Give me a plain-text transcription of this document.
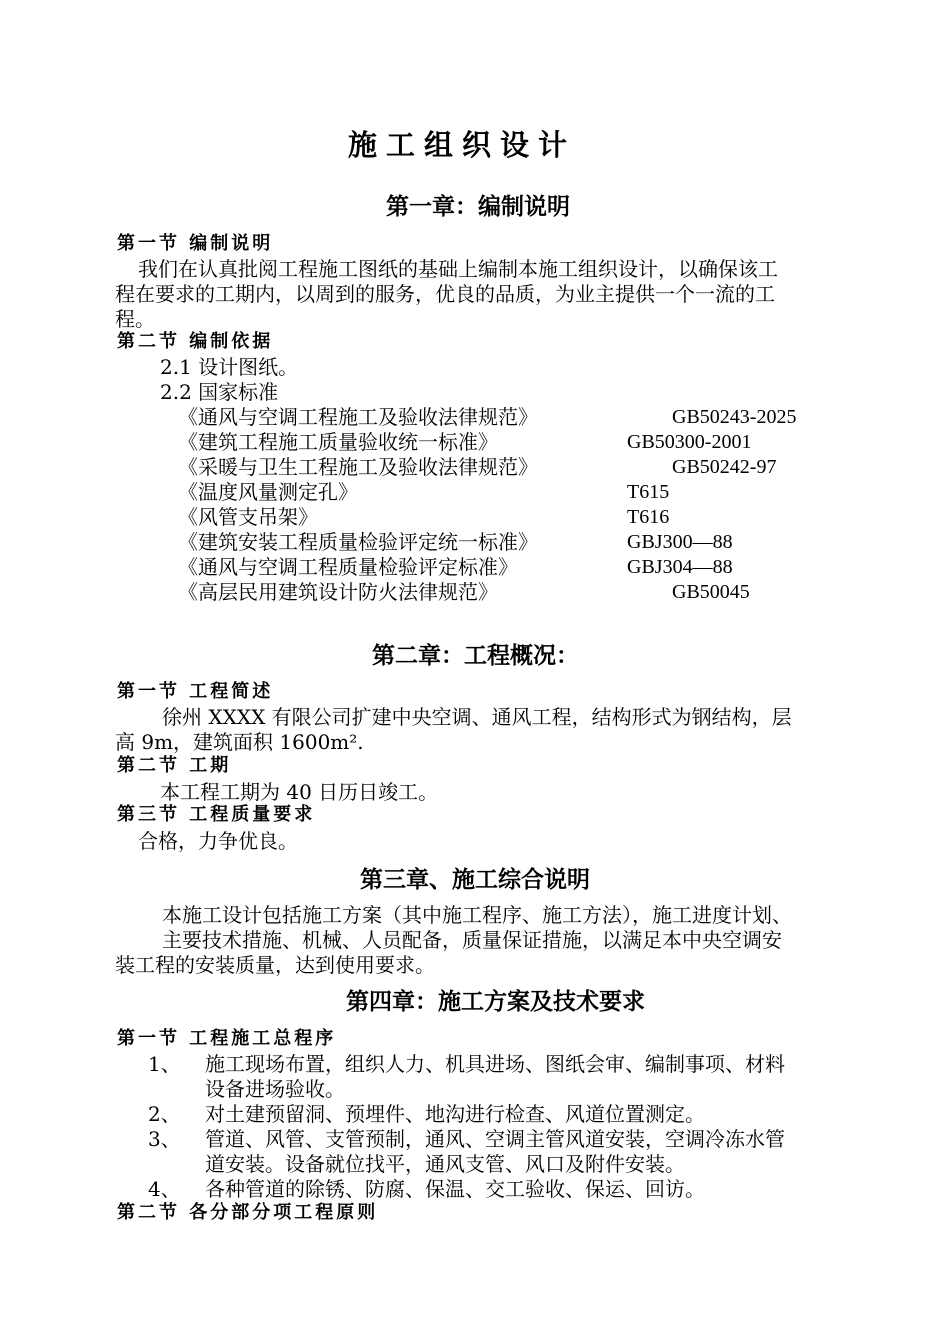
施工组织设计
第一章：编制说明
第一节 编制说明
我们在认真批阅工程施工图纸的基础上编制本施工组织设计，以确保该工
程在要求的工期内，以周到的服务，优良的品质，为业主提供一个一流的工
程。
第二节 编制依据
2.1 设计图纸。
2.2 国家标准
《通风与空调工程施工及验收法律规范》	GB50243-2025
《建筑工程施工质量验收统一标准》	GB50300-2001
《采暖与卫生工程施工及验收法律规范》	GB50242-97
《温度风量测定孔》	T615
《风管支吊架》	T616
《建筑安装工程质量检验评定统一标准》	GBJ300—88
《通风与空调工程质量检验评定标准》	GBJ304—88
《高层民用建筑设计防火法律规范》	GB50045
第二章：工程概况：
第一节 工程简述
徐州 XXXX 有限公司扩建中央空调、通风工程，结构形式为钢结构，层
高 9m，建筑面积 1600m².
第二节 工期
本工程工期为 40 日历日竣工。
第三节 工程质量要求
合格，力争优良。
第三章、施工综合说明
本施工设计包括施工方案（其中施工程序、施工方法），施工进度计划、
主要技术措施、机械、人员配备，质量保证措施，以满足本中央空调安
装工程的安装质量，达到使用要求。
第四章：施工方案及技术要求
第一节 工程施工总程序
1、 施工现场布置，组织人力、机具进场、图纸会审、编制事项、材料
设备进场验收。
2、 对土建预留洞、预埋件、地沟进行检查、风道位置测定。
3、 管道、风管、支管预制，通风、空调主管风道安装，空调冷冻水管
道安装。设备就位找平，通风支管、风口及附件安装。
4、 各种管道的除锈、防腐、保温、交工验收、保运、回访。
第二节 各分部分项工程原则
